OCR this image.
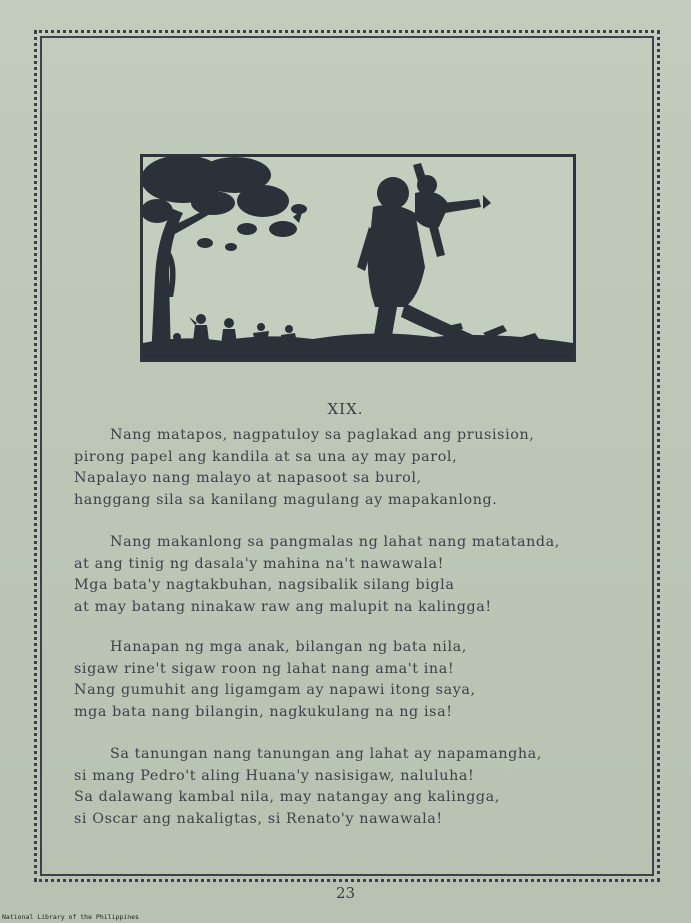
XIX.
Nang matapos, nagpatuloy sa paglakad ang prusision,
pirong papel ang kandila at sa una ay may parol,
Napalayo nang malayo at napasoot sa burol,
hanggang sila sa kanilang magulang ay mapakanlong.
Nang makanlong sa pangmalas ng lahat nang matatanda,
at ang tinig ng dasala'y mahina na't nawawala!
Mga bata'y nagtakbuhan, nagsibalik silang bigla
at may batang ninakaw raw ang malupit na kalingga!
Hanapan ng mga anak, bilangan ng bata nila,
sigaw rine't sigaw roon ng lahat nang ama't ina!
Nang gumuhit ang ligamgam ay napawi itong saya,
mga bata nang bilangin, nagkukulang na ng isa!
Sa tanungan nang tanungan ang lahat ay napamangha,
si mang Pedro't aling Huana'y nasisigaw, naluluha!
Sa dalawang kambal nila, may natangay ang kalingga,
si Oscar ang nakaligtas, si Renato'y nawawala!
23
National Library of the Philippines
